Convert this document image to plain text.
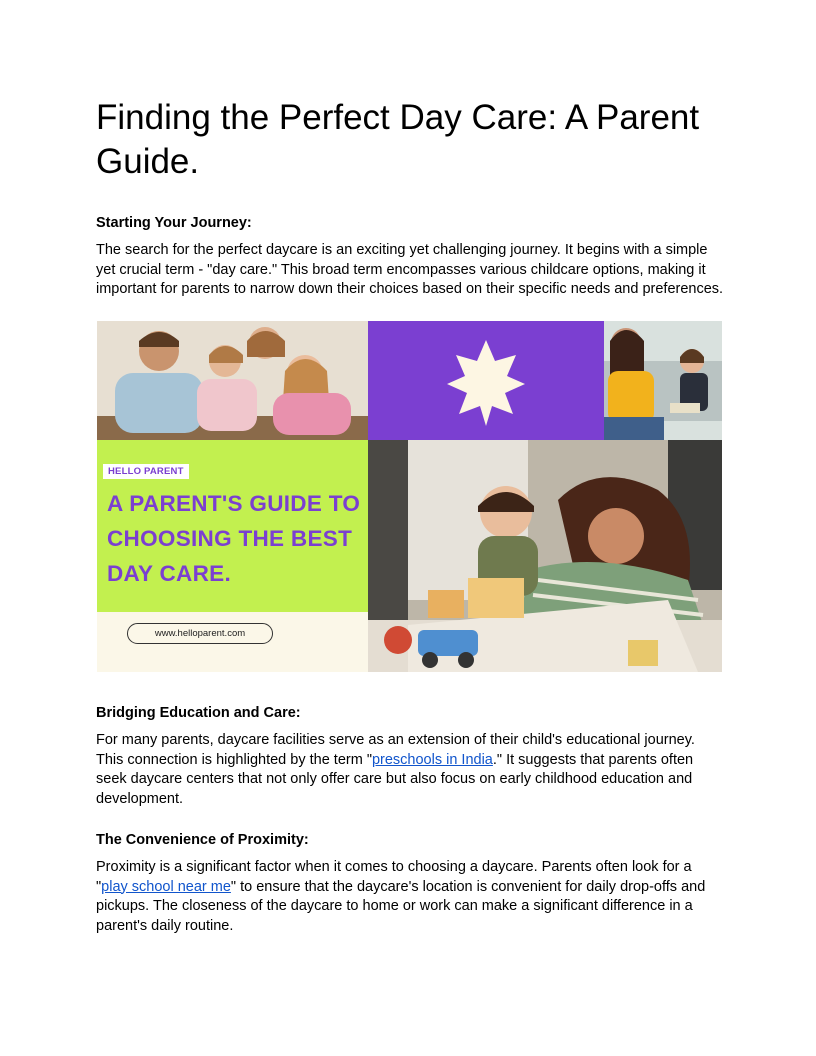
Finding the Perfect Day Care: A Parent Guide.
Starting Your Journey:

The search for the perfect daycare is an exciting yet challenging journey. It begins with a simple yet crucial term - "day care." This broad term encompasses various childcare options, making it important for parents to narrow down their choices based on their specific needs and preferences.

HELLO PARENT
A PARENT'S GUIDE TO CHOOSING THE BEST DAY CARE.
www.helloparent.com
Bridging Education and Care:

For many parents, daycare facilities serve as an extension of their child's educational journey. This connection is highlighted by the term "preschools in India." It suggests that parents often seek daycare centers that not only offer care but also focus on early childhood education and development.

The Convenience of Proximity:

Proximity is a significant factor when it comes to choosing a daycare. Parents often look for a "play school near me" to ensure that the daycare's location is convenient for daily drop-offs and pickups. The closeness of the daycare to home or work can make a significant difference in a parent's daily routine.
